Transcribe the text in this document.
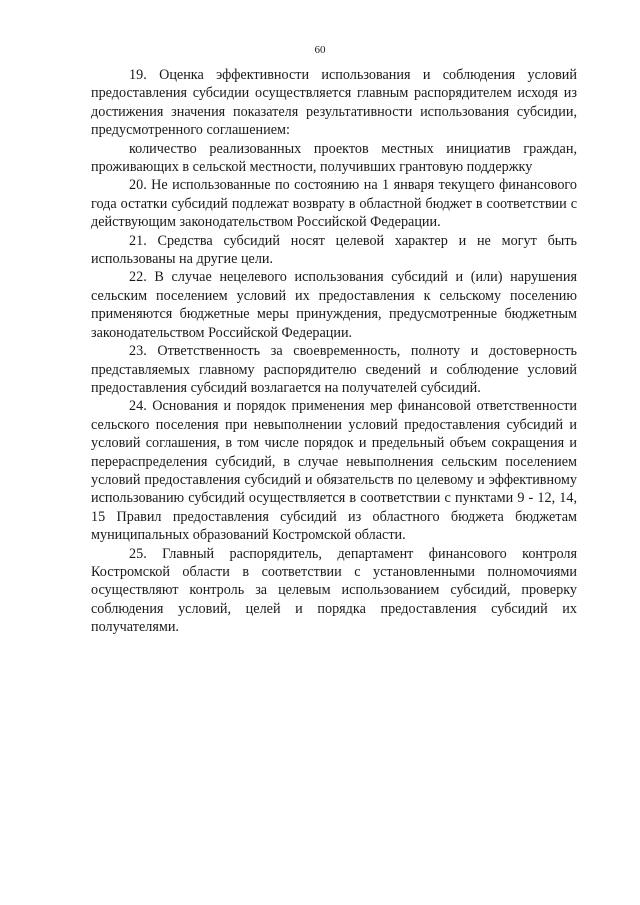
60

19. Оценка эффективности использования и соблюдения условий предоставления субсидии осуществляется главным распорядителем исходя из достижения значения показателя результативности использования субсидии, предусмотренного соглашением:

количество реализованных проектов местных инициатив граждан, проживающих в сельской местности, получивших грантовую поддержку

20. Не использованные по состоянию на 1 января текущего финансового года остатки субсидий подлежат возврату в областной бюджет в соответствии с действующим законодательством Российской Федерации.

21. Средства субсидий носят целевой характер и не могут быть использованы на другие цели.

22. В случае нецелевого использования субсидий и (или) нарушения сельским поселением условий их предоставления к сельскому поселению применяются бюджетные меры принуждения, предусмотренные бюджетным законодательством Российской Федерации.

23. Ответственность за своевременность, полноту и достоверность представляемых главному распорядителю сведений и соблюдение условий предоставления субсидий возлагается на получателей субсидий.

24. Основания и порядок применения мер финансовой ответственности сельского поселения при невыполнении условий предоставления субсидий и условий соглашения, в том числе порядок и предельный объем сокращения и перераспределения субсидий, в случае невыполнения сельским поселением условий предоставления субсидий и обязательств по целевому и эффективному использованию субсидий осуществляется в соответствии с пунктами 9 - 12, 14, 15 Правил предоставления субсидий из областного бюджета бюджетам муниципальных образований Костромской области.

25. Главный распорядитель, департамент финансового контроля Костромской области в соответствии с установленными полномочиями осуществляют контроль за целевым использованием субсидий, проверку соблюдения условий, целей и порядка предоставления субсидий их получателями.
